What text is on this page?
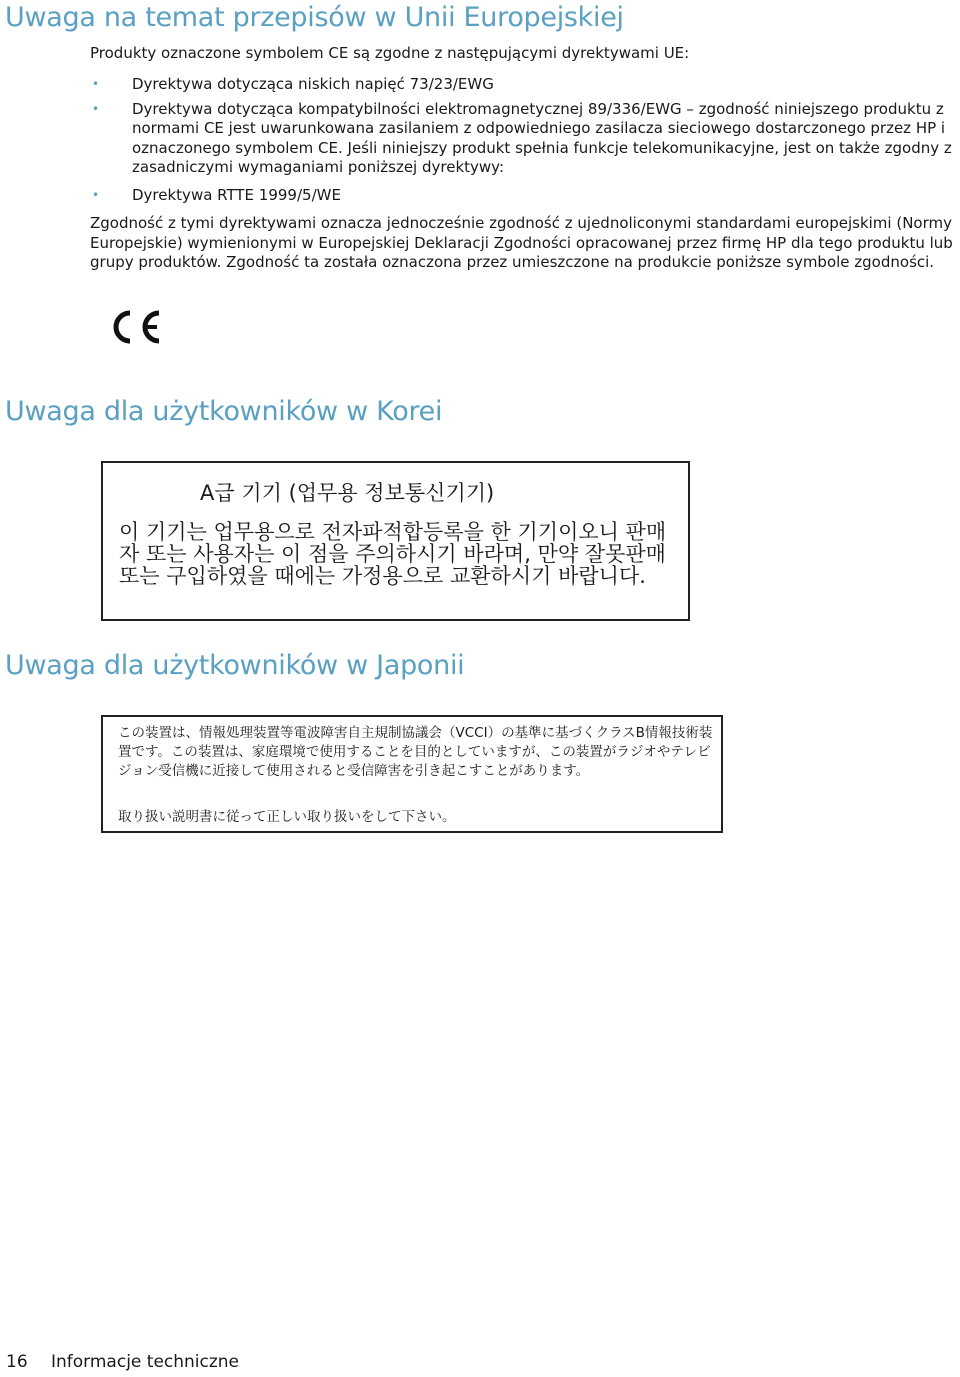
Uwaga na temat przepisów w Unii Europejskiej

Produkty oznaczone symbolem CE są zgodne z następującymi dyrektywami UE:

• Dyrektywa dotycząca niskich napięć 73/23/EWG
• Dyrektywa dotycząca kompatybilności elektromagnetycznej 89/336/EWG – zgodność niniejszego produktu z normami CE jest uwarunkowana zasilaniem z odpowiedniego zasilacza sieciowego dostarczonego przez HP i oznaczonego symbolem CE. Jeśli niniejszy produkt spełnia funkcje telekomunikacyjne, jest on także zgodny z zasadniczymi wymaganiami poniższej dyrektywy:
• Dyrektywa RTTE 1999/5/WE

Zgodność z tymi dyrektywami oznacza jednocześnie zgodność z ujednoliconymi standardami europejskimi (Normy Europejskie) wymienionymi w Europejskiej Deklaracji Zgodności opracowanej przez firmę HP dla tego produktu lub grupy produktów. Zgodność ta została oznaczona przez umieszczone na produkcie poniższe symbole zgodności.

Uwaga dla użytkowników w Korei

A급 기기 (업무용 정보통신기기)

이 기기는 업무용으로 전자파적합등록을 한 기기이오니 판매자 또는 사용자는 이 점을 주의하시기 바라며, 만약 잘못판매 또는 구입하였을 때에는 가정용으로 교환하시기 바랍니다.

Uwaga dla użytkowników w Japonii

この装置は、情報処理装置等電波障害自主規制協議会（VCCI）の基準に基づくクラスB情報技術装置です。この装置は、家庭環境で使用することを目的としていますが、この装置がラジオやテレビジョン受信機に近接して使用されると受信障害を引き起こすことがあります。

取り扱い説明書に従って正しい取り扱いをして下さい。

16 Informacje techniczne
